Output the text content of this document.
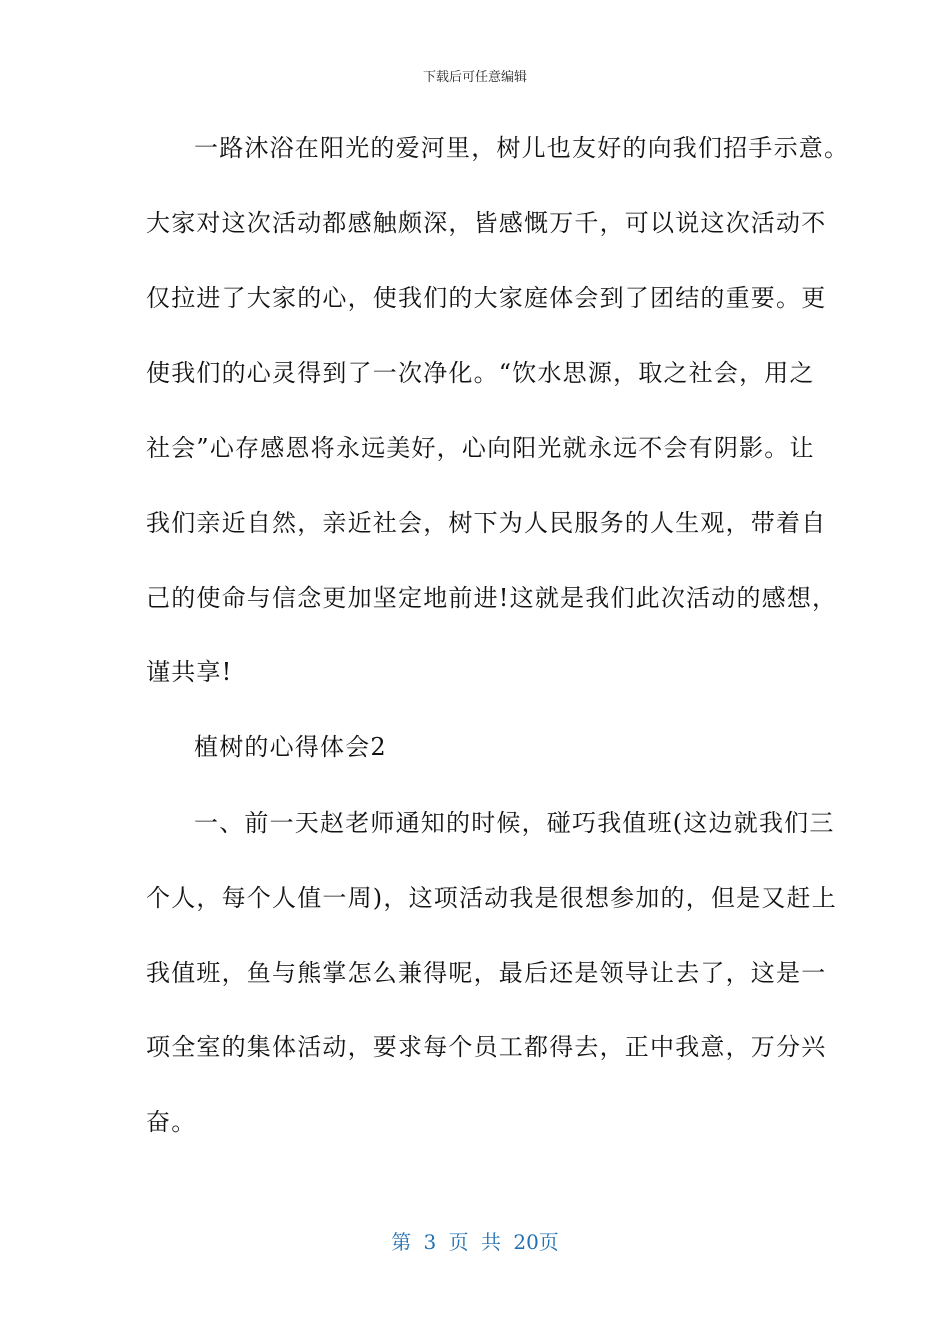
下载后可任意编辑
一路沐浴在阳光的爱河里，树儿也友好的向我们招手示意。
大家对这次活动都感触颇深，皆感慨万千，可以说这次活动不
仅拉进了大家的心，使我们的大家庭体会到了团结的重要。更
使我们的心灵得到了一次净化。“饮水思源，取之社会，用之
社会”心存感恩将永远美好，心向阳光就永远不会有阴影。让
我们亲近自然，亲近社会，树下为人民服务的人生观，带着自
己的使命与信念更加坚定地前进!这就是我们此次活动的感想，
谨共享!
植树的心得体会2
一、前一天赵老师通知的时候，碰巧我值班(这边就我们三
个人，每个人值一周)，这项活动我是很想参加的，但是又赶上
我值班，鱼与熊掌怎么兼得呢，最后还是领导让去了，这是一
项全室的集体活动，要求每个员工都得去，正中我意，万分兴
奋。
第 3 页 共 20页
